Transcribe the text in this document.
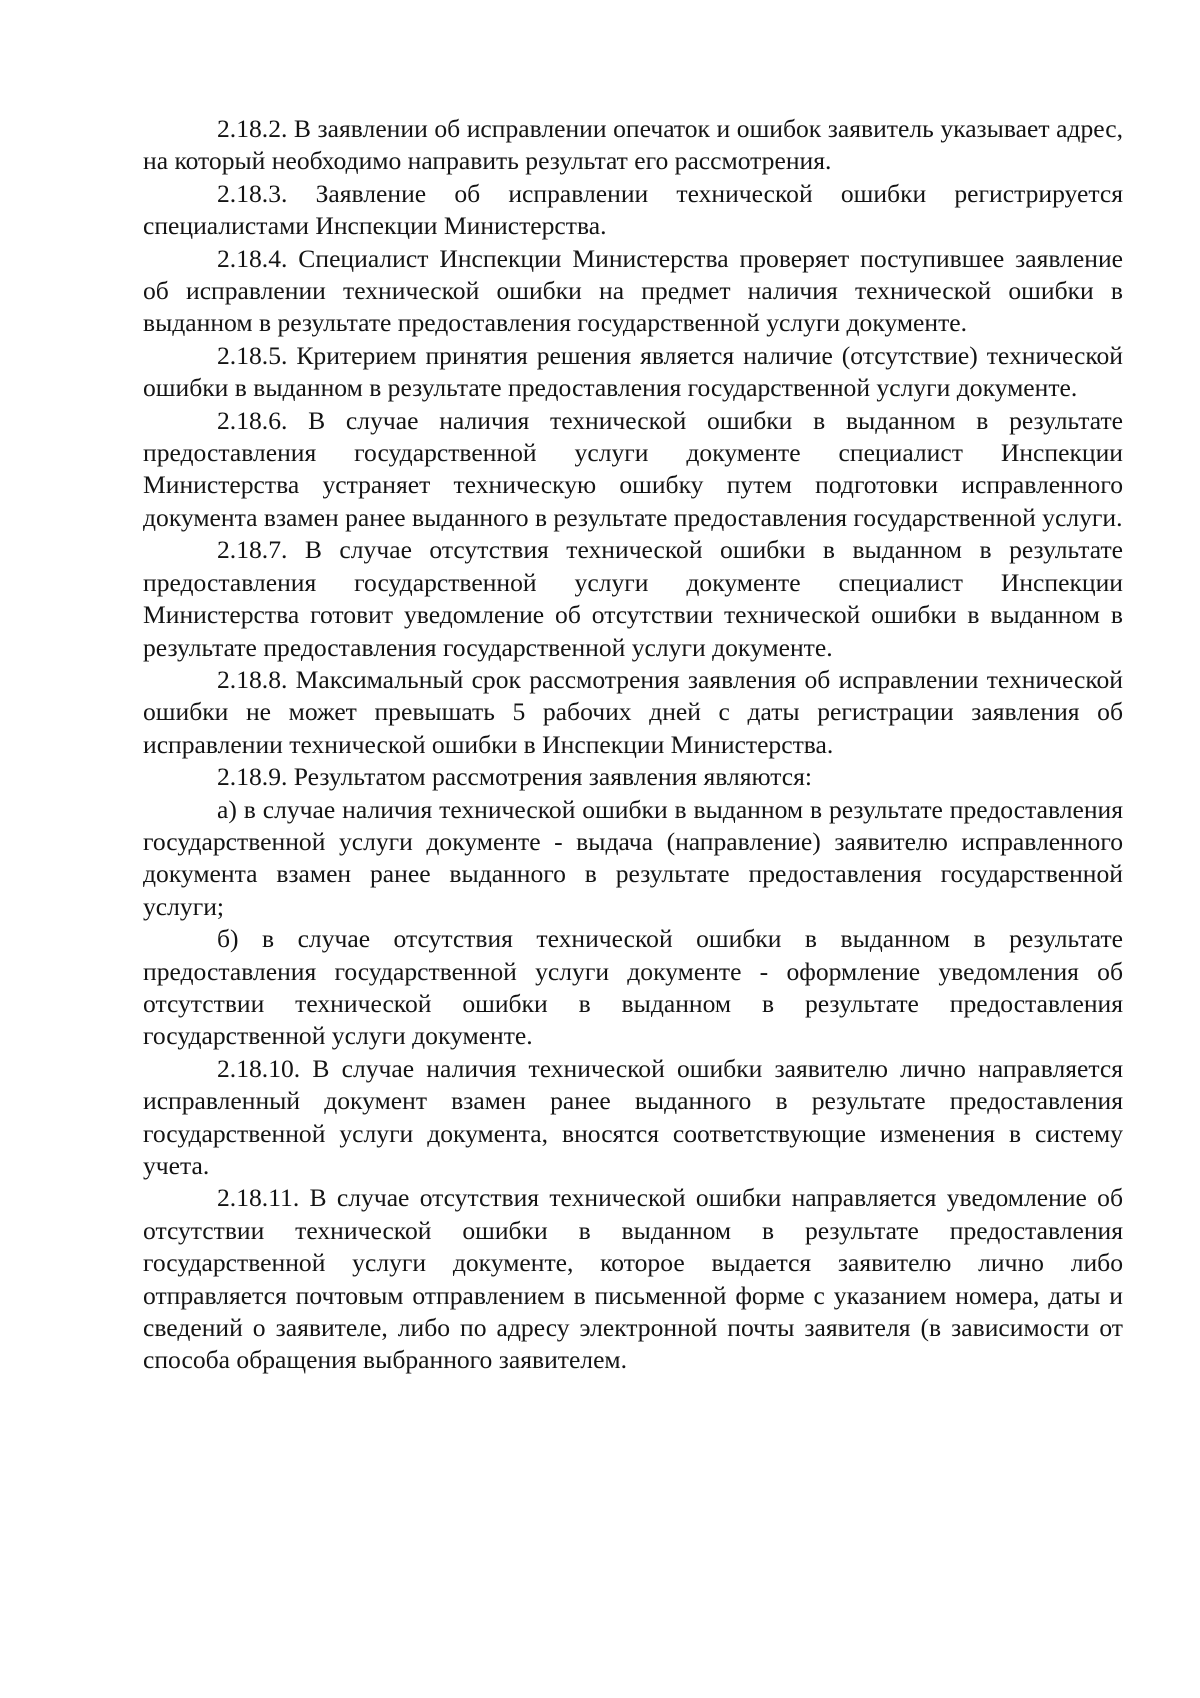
2.18.2. В заявлении об исправлении опечаток и ошибок заявитель указывает адрес, на который необходимо направить результат его рассмотрения.

2.18.3. Заявление об исправлении технической ошибки регистрируется специалистами Инспекции Министерства.

2.18.4. Специалист Инспекции Министерства проверяет поступившее заявление об исправлении технической ошибки на предмет наличия технической ошибки в выданном в результате предоставления государственной услуги документе.

2.18.5. Критерием принятия решения является наличие (отсутствие) технической ошибки в выданном в результате предоставления государственной услуги документе.

2.18.6. В случае наличия технической ошибки в выданном в результате предоставления государственной услуги документе специалист Инспекции Министерства устраняет техническую ошибку путем подготовки исправленного документа взамен ранее выданного в результате предоставления государственной услуги.

2.18.7. В случае отсутствия технической ошибки в выданном в результате предоставления государственной услуги документе специалист Инспекции Министерства готовит уведомление об отсутствии технической ошибки в выданном в результате предоставления государственной услуги документе.

2.18.8. Максимальный срок рассмотрения заявления об исправлении технической ошибки не может превышать 5 рабочих дней с даты регистрации заявления об исправлении технической ошибки в Инспекции Министерства.

2.18.9. Результатом рассмотрения заявления являются:

а) в случае наличия технической ошибки в выданном в результате предоставления государственной услуги документе - выдача (направление) заявителю исправленного документа взамен ранее выданного в результате предоставления государственной услуги;

б) в случае отсутствия технической ошибки в выданном в результате предоставления государственной услуги документе - оформление уведомления об отсутствии технической ошибки в выданном в результате предоставления государственной услуги документе.

2.18.10. В случае наличия технической ошибки заявителю лично направляется исправленный документ взамен ранее выданного в результате предоставления государственной услуги документа, вносятся соответствующие изменения в систему учета.

2.18.11. В случае отсутствия технической ошибки направляется уведомление об отсутствии технической ошибки в выданном в результате предоставления государственной услуги документе, которое выдается заявителю лично либо отправляется почтовым отправлением в письменной форме с указанием номера, даты и сведений о заявителе, либо по адресу электронной почты заявителя (в зависимости от способа обращения выбранного заявителем.
